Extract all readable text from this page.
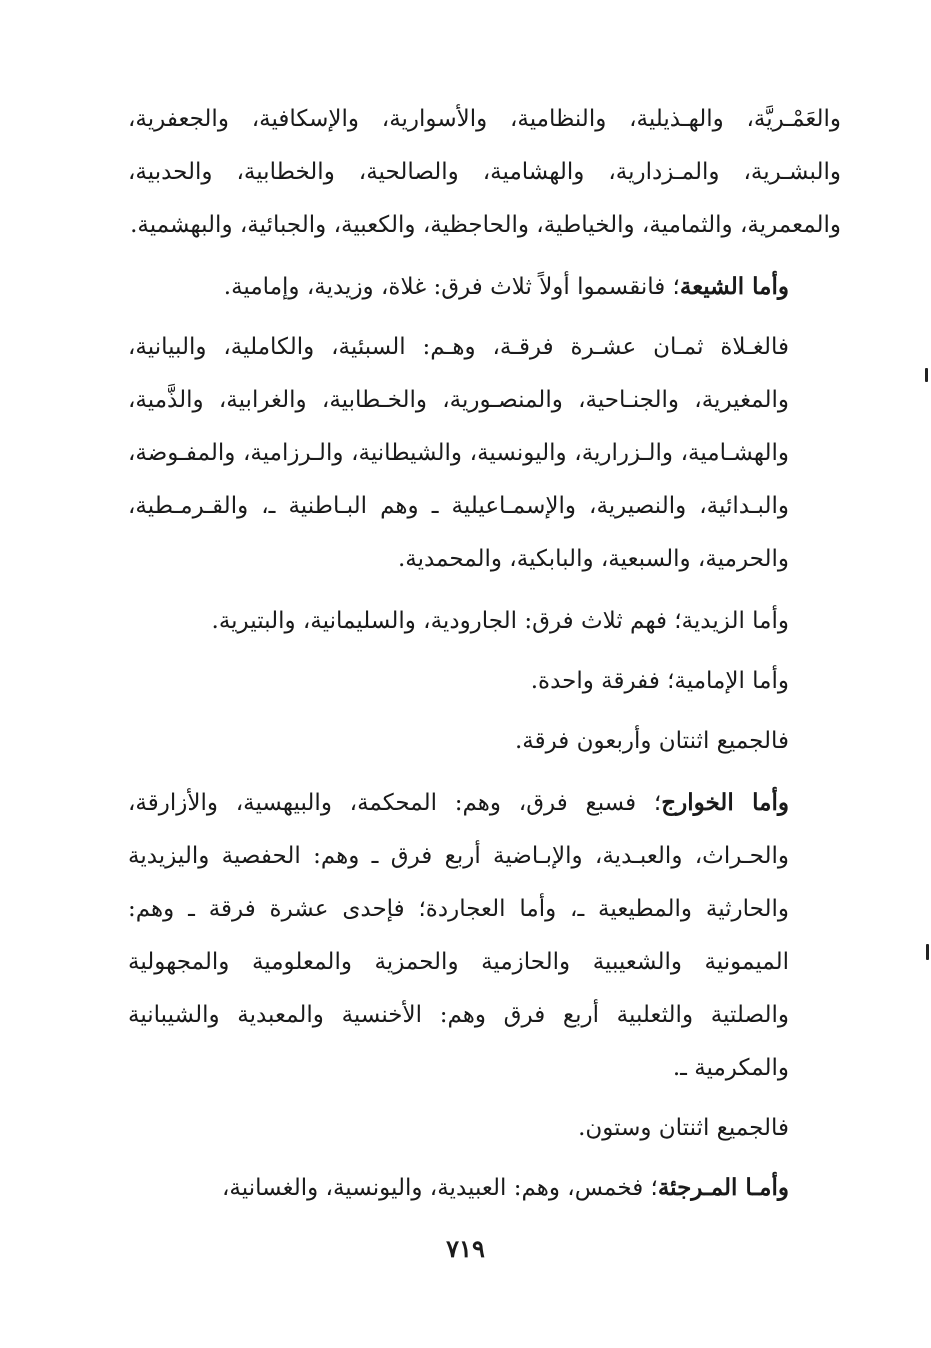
والعَمْـريَّة، والهـذيلية، والنظامية، والأسوارية، والإسكافية، والجعفرية، والبشـرية، والمـزدارية، والهشامية، والصالحية، والخطابية، والحدبية، والمعمرية، والثمامية، والخياطية، والحاجظية، والكعبية، والجبائية، والبهشمية.

وأما الشيعة؛ فانقسموا أولاً ثلاث فرق: غلاة، وزيدية، وإمامية.

فالغـلاة ثمـان عشـرة فرقـة، وهـم: السبئية، والكاملية، والبيانية، والمغيرية، والجنـاحية، والمنصـورية، والخـطابية، والغرابية، والذَّمية، والهشـامية، والـزرارية، واليونسية، والشيطانية، والـرزامية، والمفـوضة، والبـدائية، والنصيرية، والإسمـاعيلية ـ وهم البـاطنية ـ، والقـرمـطية، والحرمية، والسبعية، والبابكية، والمحمدية.

وأما الزيدية؛ فهم ثلاث فرق: الجارودية، والسليمانية، والبتيرية.

وأما الإمامية؛ ففرقة واحدة.

فالجميع اثنتان وأربعون فرقة.

وأما الخوارج؛ فسبع فرق، وهم: المحكمة، والبيهسية، والأزارقة، والحـراث، والعبـدية، والإبـاضية أربع فرق ـ وهم: الحفصية واليزيدية والحارثية والمطيعية ـ، وأما العجاردة؛ فإحدى عشرة فرقة ـ وهم: الميمونية والشعيبية والحازمية والحمزية والمعلومية والمجهولية والصلتية والثعلبية أربع فرق وهم: الأخنسية والمعبدية والشيبانية والمكرمية ـ.

فالجميع اثنتان وستون.

وأمـا المـرجئة؛ فخمس، وهم: العبيدية، واليونسية، والغسانية،

٧١٩
